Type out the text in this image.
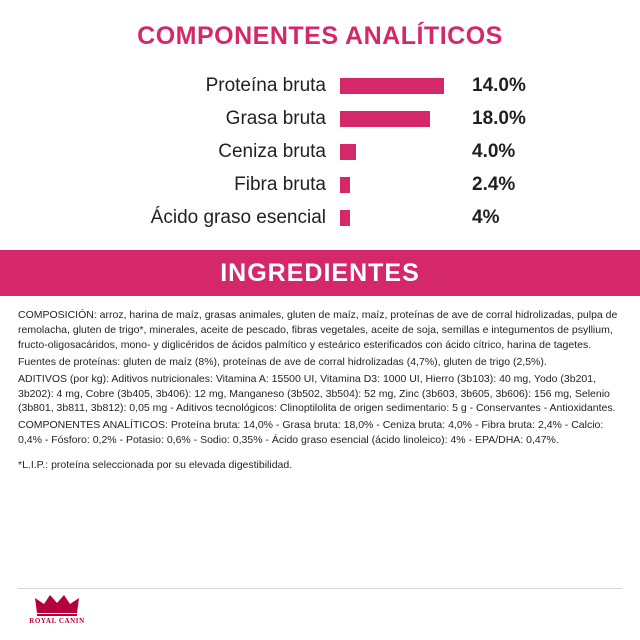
COMPONENTES ANALÍTICOS
Proteína bruta		14.0%
Grasa bruta		18.0%
Ceniza bruta		4.0%
Fibra bruta		2.4%
Ácido graso esencial		4%
INGREDIENTES

COMPOSICIÓN: arroz, harina de maíz, grasas animales, gluten de maíz, maíz, proteínas de ave de corral hidrolizadas, pulpa de remolacha, gluten de trigo*, minerales, aceite de pescado, fibras vegetales, aceite de soja, semillas e integumentos de psyllium, fructo-oligosacáridos, mono- y diglicéridos de ácidos palmítico y esteárico esterificados con ácido cítrico, harina de tagetes.

Fuentes de proteínas: gluten de maíz (8%), proteínas de ave de corral hidrolizadas (4,7%), gluten de trigo (2,5%).

ADITIVOS (por kg): Aditivos nutricionales: Vitamina A: 15500 UI, Vitamina D3: 1000 UI, Hierro (3b103): 40 mg, Yodo (3b201, 3b202): 4 mg, Cobre (3b405, 3b406): 12 mg, Manganeso (3b502, 3b504): 52 mg, Zinc (3b603, 3b605, 3b606): 156 mg, Selenio (3b801, 3b811, 3b812): 0,05 mg - Aditivos tecnológicos: Clinoptilolita de origen sedimentario: 5 g - Conservantes - Antioxidantes.

COMPONENTES ANALÍTICOS: Proteína bruta: 14,0% - Grasa bruta: 18,0% - Ceniza bruta: 4,0% - Fibra bruta: 2,4% - Calcio: 0,4% - Fósforo: 0,2% - Potasio: 0,6% - Sodio: 0,35% - Ácido graso esencial (ácido linoleico): 4% - EPA/DHA: 0,47%.

*L.I.P.: proteína seleccionada por su elevada digestibilidad.

ROYAL CANIN
